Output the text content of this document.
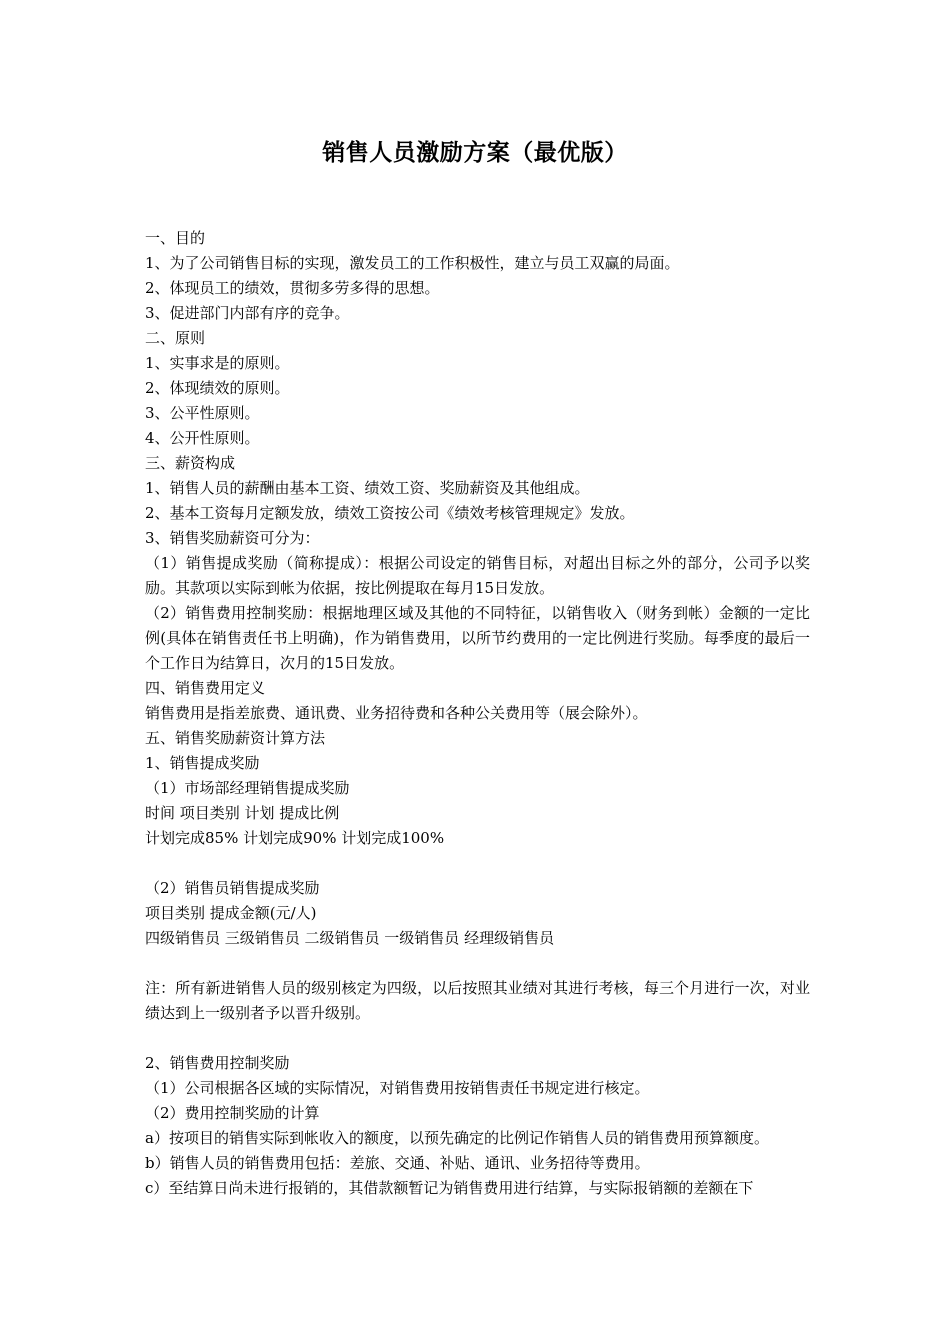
销售人员激励方案（最优版）

一、目的

1、为了公司销售目标的实现，激发员工的工作积极性，建立与员工双赢的局面。

2、体现员工的绩效，贯彻多劳多得的思想。

3、促进部门内部有序的竞争。

二、原则

1、实事求是的原则。

2、体现绩效的原则。

3、公平性原则。

4、公开性原则。

三、薪资构成

1、销售人员的薪酬由基本工资、绩效工资、奖励薪资及其他组成。

2、基本工资每月定额发放，绩效工资按公司《绩效考核管理规定》发放。

3、销售奖励薪资可分为：

（1）销售提成奖励（简称提成）：根据公司设定的销售目标，对超出目标之外的部分，公司予以奖励。其款项以实际到帐为依据，按比例提取在每月15日发放。

（2）销售费用控制奖励：根据地理区域及其他的不同特征，以销售收入（财务到帐）金额的一定比例(具体在销售责任书上明确)，作为销售费用，以所节约费用的一定比例进行奖励。每季度的最后一个工作日为结算日，次月的15日发放。

四、销售费用定义

销售费用是指差旅费、通讯费、业务招待费和各种公关费用等（展会除外）。

五、销售奖励薪资计算方法

1、销售提成奖励

（1）市场部经理销售提成奖励

时间 项目类别 计划 提成比例

计划完成85% 计划完成90% 计划完成100%

（2）销售员销售提成奖励

项目类别 提成金额(元/人)

四级销售员 三级销售员 二级销售员 一级销售员 经理级销售员

注：所有新进销售人员的级别核定为四级，以后按照其业绩对其进行考核，每三个月进行一次，对业绩达到上一级别者予以晋升级别。

2、销售费用控制奖励

（1）公司根据各区域的实际情况，对销售费用按销售责任书规定进行核定。

（2）费用控制奖励的计算

a）按项目的销售实际到帐收入的额度，以预先确定的比例记作销售人员的销售费用预算额度。

b）销售人员的销售费用包括：差旅、交通、补贴、通讯、业务招待等费用。

c）至结算日尚未进行报销的，其借款额暂记为销售费用进行结算，与实际报销额的差额在下
